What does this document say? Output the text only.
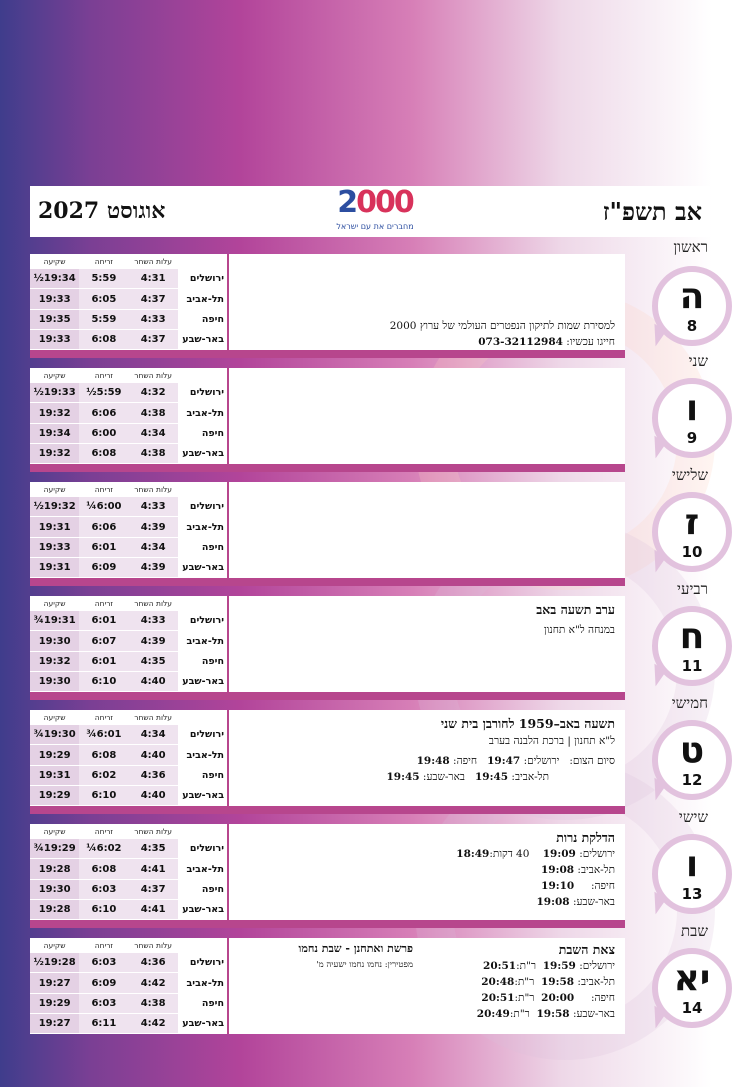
אוגוסט 2027	2000
מחברים את עם ישראל
אב תשפ"ז
ראשון
	עלות השחר	זריחה	שקיעה
ירושלים	4:31	5:59	19:34½
תל-אביב	4:37	6:05	19:33
חיפה	4:33	5:59	19:35
באר-שבע	4:37	6:08	19:33
למסירת שמות לתיקון הנפטרים העולמי של ערוץ 2000
חייגו עכשיו: 073-32112984
ה
8
שני
	עלות השחר	זריחה	שקיעה
ירושלים	4:32	5:59½	19:33½
תל-אביב	4:38	6:06	19:32
חיפה	4:34	6:00	19:34
באר-שבע	4:38	6:08	19:32
ו
9
שלישי
	עלות השחר	זריחה	שקיעה
ירושלים	4:33	6:00¼	19:32½
תל-אביב	4:39	6:06	19:31
חיפה	4:34	6:01	19:33
באר-שבע	4:39	6:09	19:31
ז
10
רביעי
	עלות השחר	זריחה	שקיעה
ירושלים	4:33	6:01	19:31¾
תל-אביב	4:39	6:07	19:30
חיפה	4:35	6:01	19:32
באר-שבע	4:40	6:10	19:30
ערב תשעה באב
במנחה ל"א תחנון	ח
11
חמישי
	עלות השחר	זריחה	שקיעה
ירושלים	4:34	6:01¾	19:30¾
תל-אביב	4:40	6:08	19:29
חיפה	4:36	6:02	19:31
באר-שבע	4:40	6:10	19:29
תשעה באב–1959 לחורבן בית שני
ל"א תחנון | ברכת הלבנה בערב
סיום הצום:   ירושלים: 19:47   חיפה: 19:48
תל-אביב: 19:45   באר-שבע: 19:45
ט
12
שישי
	עלות השחר	זריחה	שקיעה
ירושלים	4:35	6:02¼	19:29¾
תל-אביב	4:41	6:08	19:28
חיפה	4:37	6:03	19:30
באר-שבע	4:41	6:10	19:28
הדלקת נרות
ירושלים: 19:09    40 דקות:18:49
תל-אביב: 19:08
חיפה:     19:10
באר-שבע: 19:08
ו
13
שבת
	עלות השחר	זריחה	שקיעה
ירושלים	4:36	6:03	19:28½
תל-אביב	4:42	6:09	19:27
חיפה	4:38	6:03	19:29
באר-שבע	4:42	6:11	19:27
צאת השבת
ירושלים: 19:59  ר"ת:20:51
תל-אביב: 19:58  ר"ת:20:48
חיפה:     20:00  ר"ת:20:51
באר-שבע: 19:58  ר"ת:20:49
פרשת ואתחנן - שבת נחמו
מפטירין: נחמו נחמו ישעיה מ'	יא
14
